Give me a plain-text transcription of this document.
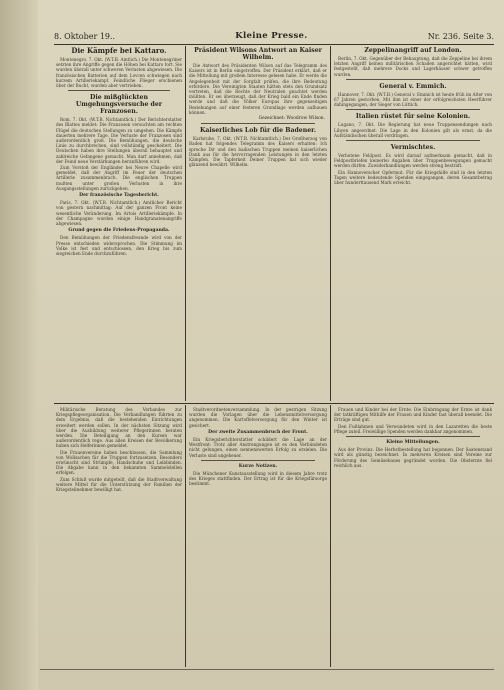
8. Oktober 19..	Kleine Presse.	Nr. 236. Seite 3.
Die Kämpfe bei Kattaro.

Montenegro, 7. Okt. (W.T.B. Amtlich.) Die Montenegriner setzten ihre Angriffe gegen die Höhen bei Kattaro fort. Sie wurden überall unter schweren Verlusten abgewiesen. Die französischen Batterien auf dem Lovcen schwiegen nach kurzem Artilleriekampf. Feindliche Flieger erschienen über der Bucht, wurden aber vertrieben.

Die mißglückten Umgehungsversuche der Franzosen.

Rom, 7. Okt. (W.T.B. Nichtamtlich.) Der Berichterstatter des Blattes meldet: Die Franzosen versuchten am rechten Flügel die deutschen Stellungen zu umgehen. Die Kämpfe dauerten mehrere Tage. Die Verluste der Franzosen sind außerordentlich groß. Die Bemühungen, die deutsche Linie zu durchbrechen, sind vollständig gescheitert. Die Deutschen haben ihre Stellungen überall behauptet und zahlreiche Gefangene gemacht. Man darf annehmen, daß der Feind neue Verstärkungen heranführen wird.

Zum Vorstoß der Engländer bei Neuve Chapelle wird gemeldet, daß der Angriff im Feuer der deutschen Artillerie zusammenbrach. Die englischen Truppen mußten unter großen Verlusten in ihre Ausgangsstellungen zurückgehen.

Der französische Tagesbericht.

Paris, 7. Okt. (W.T.B. Nichtamtlich.) Amtlicher Bericht von gestern nachmittag: Auf der ganzen Front keine wesentliche Veränderung. Im Artois Artilleriekämpfe. In der Champagne wurden einige Handgranatenangriffe abgewiesen.

Grund gegen die Friedens-Propaganda.

Den Bemühungen der Friedensfreunde wird von der Presse entschieden widersprochen. Die Stimmung im Volke ist fest und entschlossen, den Krieg bis zum siegreichen Ende durchzuführen.

Präsident Wilsons Antwort an Kaiser Wilhelm.

Die Antwort des Präsidenten Wilson auf das Telegramm des Kaisers ist in Berlin eingetroffen. Der Präsident erklärt, daß er die Mitteilung mit großem Interesse gelesen habe. Er werde die Angelegenheit mit der Sorgfalt prüfen, die ihre Bedeutung erfordere. Die Vereinigten Staaten hätten stets den Grundsatz vertreten, daß die Rechte der Neutralen geachtet werden müßten. Er sei überzeugt, daß der Krieg bald ein Ende finden werde und daß die Völker Europas ihre gegenseitigen Beziehungen auf einer festeren Grundlage werden aufbauen können.

Gezeichnet: Woodrow Wilson.
Kaiserliches Lob für die Badener.

Karlsruhe, 7. Okt. (W.T.B. Nichtamtlich.) Der Großherzog von Baden hat folgendes Telegramm des Kaisers erhalten: Ich spreche Dir und den badischen Truppen meinen kaiserlichen Dank aus für die hervorragenden Leistungen in den letzten Kämpfen. Die Tapferkeit Deiner Truppen hat sich wieder glänzend bewährt. Wilhelm.

Zeppelinangriff auf London.

Berlin, 7. Okt. Gegenüber der Behauptung, daß die Zeppeline bei ihrem letzten Angriff keinen militärischen Schaden angerichtet hätten, wird festgestellt, daß mehrere Docks und Lagerhäuser schwer getroffen wurden.

General v. Emmich.

Hannover, 7. Okt. (W.T.B.) General v. Emmich ist heute früh im Alter von 67 Jahren gestorben. Mit ihm ist einer der erfolgreichsten Heerführer dahingegangen, der Sieger von Lüttich.

Italien rüstet für seine Kolonien.

Lugano, 7. Okt. Die Regierung hat neue Truppensendungen nach Libyen angeordnet. Die Lage in den Kolonien gilt als ernst, da die Aufständischen überall vordringen.

Vermischtes.

Verbotene Feldpost. Es wird darauf aufmerksam gemacht, daß in Feldpostbriefen keinerlei Angaben über Truppenbewegungen gemacht werden dürfen. Zuwiderhandlungen werden streng bestraft.

Ein Hannoverscher Opfermut. Für die Kriegshilfe sind in den letzten Tagen weitere bedeutende Spenden eingegangen, deren Gesamtbetrag über hunderttausend Mark erreicht.

Militärische Beratung des Verbandes zur Kriegspflegeorganisation. Die Verhandlungen führten zu dem Ergebnis, daß die bestehenden Einrichtungen erweitert werden sollen. In der nächsten Sitzung wird über die Ausbildung weiterer Pflegerinnen beraten werden. Die Beteiligung an den Kursen war außerordentlich rege. Aus allen Kreisen der Bevölkerung haben sich Helferinnen gemeldet.

Die Frauenvereine haben beschlossen, die Sammlung von Wollsachen für die Truppen fortzusetzen. Besonders erwünscht sind Strümpfe, Handschuhe und Leibbinden. Die Abgabe kann in den bekannten Sammelstellen erfolgen.

Zum Schluß wurde mitgeteilt, daß die Stadtverwaltung weitere Mittel für die Unterstützung der Familien der Kriegsteilnehmer bewilligt hat.

Stadtverordnetenversammlung. In der gestrigen Sitzung wurden die Vorlagen über die Lebensmittelversorgung angenommen. Die Kartoffelversorgung für den Winter ist gesichert.

Der zweite Zusammenbruch der Front.

Ein Kriegsberichterstatter schildert die Lage an der Westfront: Trotz aller Anstrengungen ist es den Verbündeten nicht gelungen, einen nennenswerten Erfolg zu erzielen. Die Verluste sind ungeheuer.

Kurze Notizen.

Die Münchener Kunstausstellung wird in diesem Jahre trotz des Krieges stattfinden. Der Ertrag ist für die Kriegsfürsorge bestimmt.

Frauen und Kinder bei der Ernte. Die Einbringung der Ernte ist dank der tatkräftigen Mithilfe der Frauen und Kinder fast überall beendet. Die Erträge sind gut.

Den Fußlahmen und Verwundeten wird in den Lazaretten die beste Pflege zuteil. Freiwillige Spenden werden dankbar angenommen.

Kleine Mitteilungen.

Aus der Provinz. Die Herbstbestellung hat begonnen. Der Saatenstand wird als günstig bezeichnet. In mehreren Kreisen sind Vereine zur Förderung des Gemüsebaues gegründet worden. Die Obsternte fiel reichlich aus.
